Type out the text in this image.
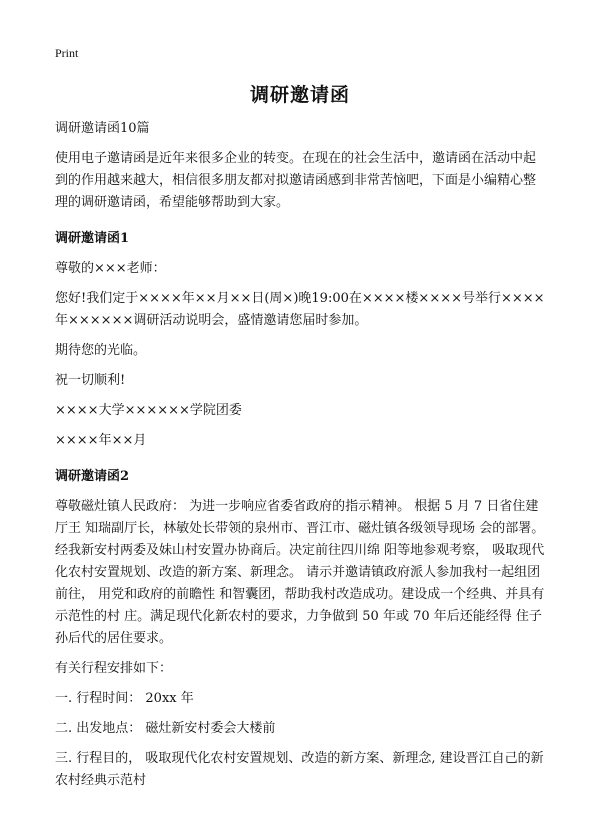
Print
调研邀请函

调研邀请函10篇

使用电子邀请函是近年来很多企业的转变。在现在的社会生活中，邀请函在活动中起到的作用越来越大，相信很多朋友都对拟邀请函感到非常苦恼吧，下面是小编精心整理的调研邀请函，希望能够帮助到大家。

调研邀请函1

尊敬的×××老师：

您好!我们定于××××年××月××日(周×)晚19:00在××××楼××××号举行××××年××××××调研活动说明会，盛情邀请您届时参加。

期待您的光临。

祝一切顺利!

××××大学××××××学院团委

××××年××月

调研邀请函2

尊敬磁灶镇人民政府： 为进一步响应省委省政府的指示精神。 根据 5 月 7 日省住建厅王 知瑞副厅长，林敏处长带领的泉州市、晋江市、磁灶镇各级领导现场 会的部署。经我新安村两委及妹山村安置办协商后。决定前往四川绵 阳等地参观考察， 吸取现代化农村安置规划、改造的新方案、新理念。 请示并邀请镇政府派人参加我村一起组团前往， 用党和政府的前瞻性 和智囊团，帮助我村改造成功。建设成一个经典、并具有示范性的村 庄。满足现代化新农村的要求，力争做到 50 年或 70 年后还能经得 住子孙后代的居住要求。

有关行程安排如下：

一. 行程时间： 20xx 年

二. 出发地点： 磁灶新安村委会大楼前

三. 行程目的， 吸取现代化农村安置规划、改造的新方案、新理念, 建设晋江自己的新农村经典示范村
